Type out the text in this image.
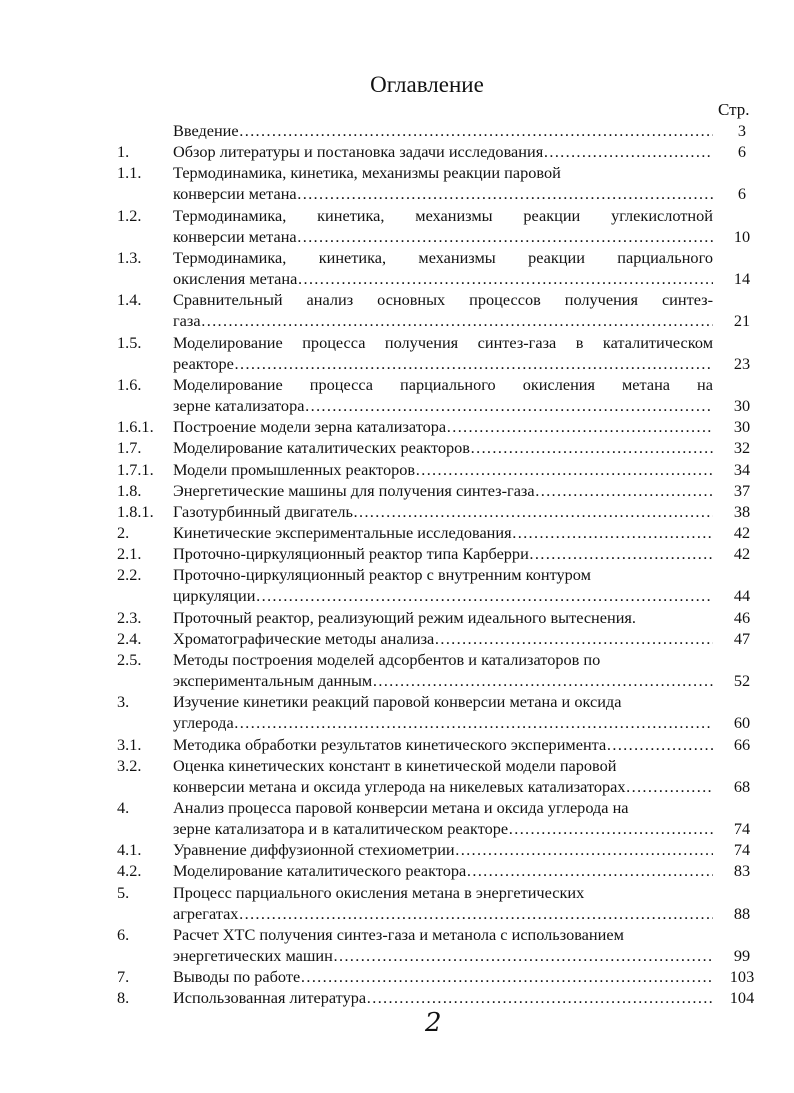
Оглавление
Стр.
Введение ……………………………………………………………………………………………………………………………………	3
1.	Обзор литературы и постановка задачи исследования ……………………………………………………………………………………………………………………………………	6
1.1. Термодинамика, кинетика, механизмы реакции паровой
конверсии метана ……………………………………………………………………………………………………………………………………	6
1.2. Термодинамика, кинетика, механизмы реакции углекислотной
конверсии метана ……………………………………………………………………………………………………………………………………	10
1.3. Термодинамика, кинетика, механизмы реакции парциального
окисления метана ……………………………………………………………………………………………………………………………………	14
1.4. Сравнительный анализ основных процессов получения синтез-
газа ……………………………………………………………………………………………………………………………………	21
1.5. Моделирование процесса получения синтез-газа в каталитическом
реакторе ……………………………………………………………………………………………………………………………………	23
1.6. Моделирование процесса парциального окисления метана на
зерне катализатора ……………………………………………………………………………………………………………………………………	30
1.6.1. Построение модели зерна катализатора ……………………………………………………………………………………………………………………………………	30
1.7. Моделирование каталитических реакторов ……………………………………………………………………………………………………………………………………	32
1.7.1. Модели промышленных реакторов ……………………………………………………………………………………………………………………………………	34
1.8. Энергетические машины для получения синтез-газа ……………………………………………………………………………………………………………………………………	37
1.8.1. Газотурбинный двигатель ……………………………………………………………………………………………………………………………………	38
2.	Кинетические экспериментальные исследования ……………………………………………………………………………………………………………………………………	42
2.1. Проточно-циркуляционный реактор типа Карберри ……………………………………………………………………………………………………………………………………	42
2.2. Проточно-циркуляционный реактор с внутренним контуром
циркуляции ……………………………………………………………………………………………………………………………………	44
2.3. Проточный реактор, реализующий режим идеального вытеснения.	46
2.4. Хроматографические методы анализа ……………………………………………………………………………………………………………………………………	47
2.5. Методы построения моделей адсорбентов и катализаторов по
экспериментальным данным ……………………………………………………………………………………………………………………………………	52
3.	Изучение кинетики реакций паровой конверсии метана и оксида
углерода ……………………………………………………………………………………………………………………………………	60
3.1. Методика обработки результатов кинетического эксперимента ……………………………………………………………………………………………………………………………………	66
3.2. Оценка кинетических констант в кинетической модели паровой
конверсии метана и оксида углерода на никелевых катализаторах ……………………………………………………………………………………………………………………………………	68
4.	Анализ процесса паровой конверсии метана и оксида углерода на
зерне катализатора и в каталитическом реакторе ……………………………………………………………………………………………………………………………………	74
4.1. Уравнение диффузионной стехиометрии ……………………………………………………………………………………………………………………………………	74
4.2. Моделирование каталитического реактора ……………………………………………………………………………………………………………………………………	83
5.	Процесс парциального окисления метана в энергетических
агрегатах ……………………………………………………………………………………………………………………………………	88
6.	Расчет ХТС получения синтез-газа и метанола с использованием
энергетических машин ……………………………………………………………………………………………………………………………………	99
7.	Выводы по работе ……………………………………………………………………………………………………………………………………	103
8.	Использованная литература ……………………………………………………………………………………………………………………………………	104
2
